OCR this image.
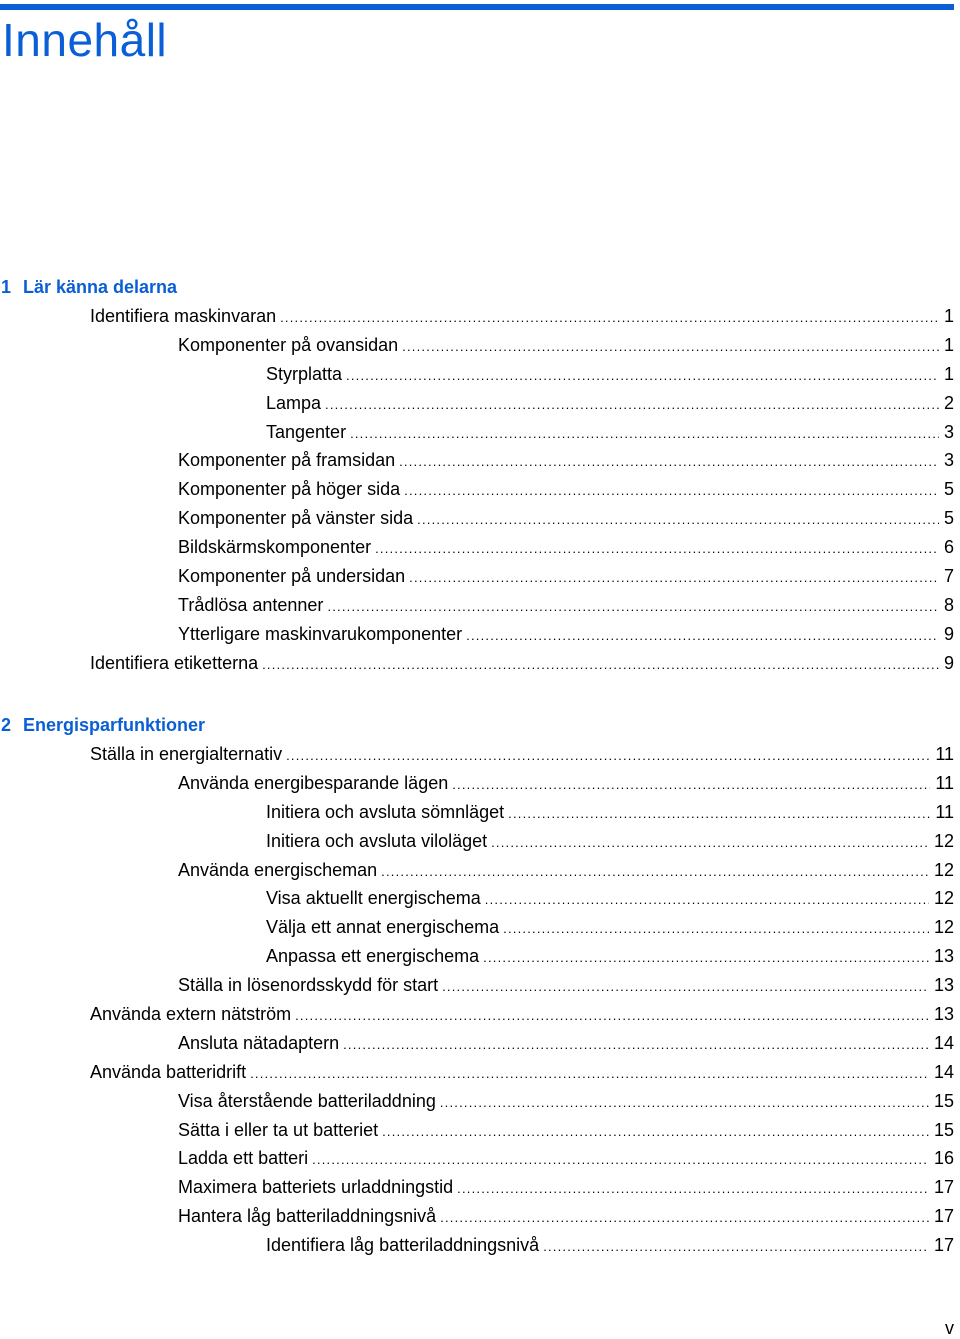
Innehåll
1 Lär känna delarna
Identifiera maskinvaran .....	1
Komponenter på ovansidan .....	1
Styrplatta .....	1
Lampa .....	2
Tangenter .....	3
Komponenter på framsidan .....	3
Komponenter på höger sida .....	5
Komponenter på vänster sida .....	5
Bildskärmskomponenter .....	6
Komponenter på undersidan .....	7
Trådlösa antenner .....	8
Ytterligare maskinvarukomponenter .....	9
Identifiera etiketterna .....	9
2 Energisparfunktioner
Ställa in energialternativ .....	11
Använda energibesparande lägen .....	11
Initiera och avsluta sömnläget .....	11
Initiera och avsluta viloläget .....	12
Använda energischeman .....	12
Visa aktuellt energischema .....	12
Välja ett annat energischema .....	12
Anpassa ett energischema .....	13
Ställa in lösenordsskydd för start .....	13
Använda extern nätström .....	13
Ansluta nätadaptern .....	14
Använda batteridrift .....	14
Visa återstående batteriladdning .....	15
Sätta i eller ta ut batteriet .....	15
Ladda ett batteri .....	16
Maximera batteriets urladdningstid .....	17
Hantera låg batteriladdningsnivå .....	17
Identifiera låg batteriladdningsnivå .....	17
v
